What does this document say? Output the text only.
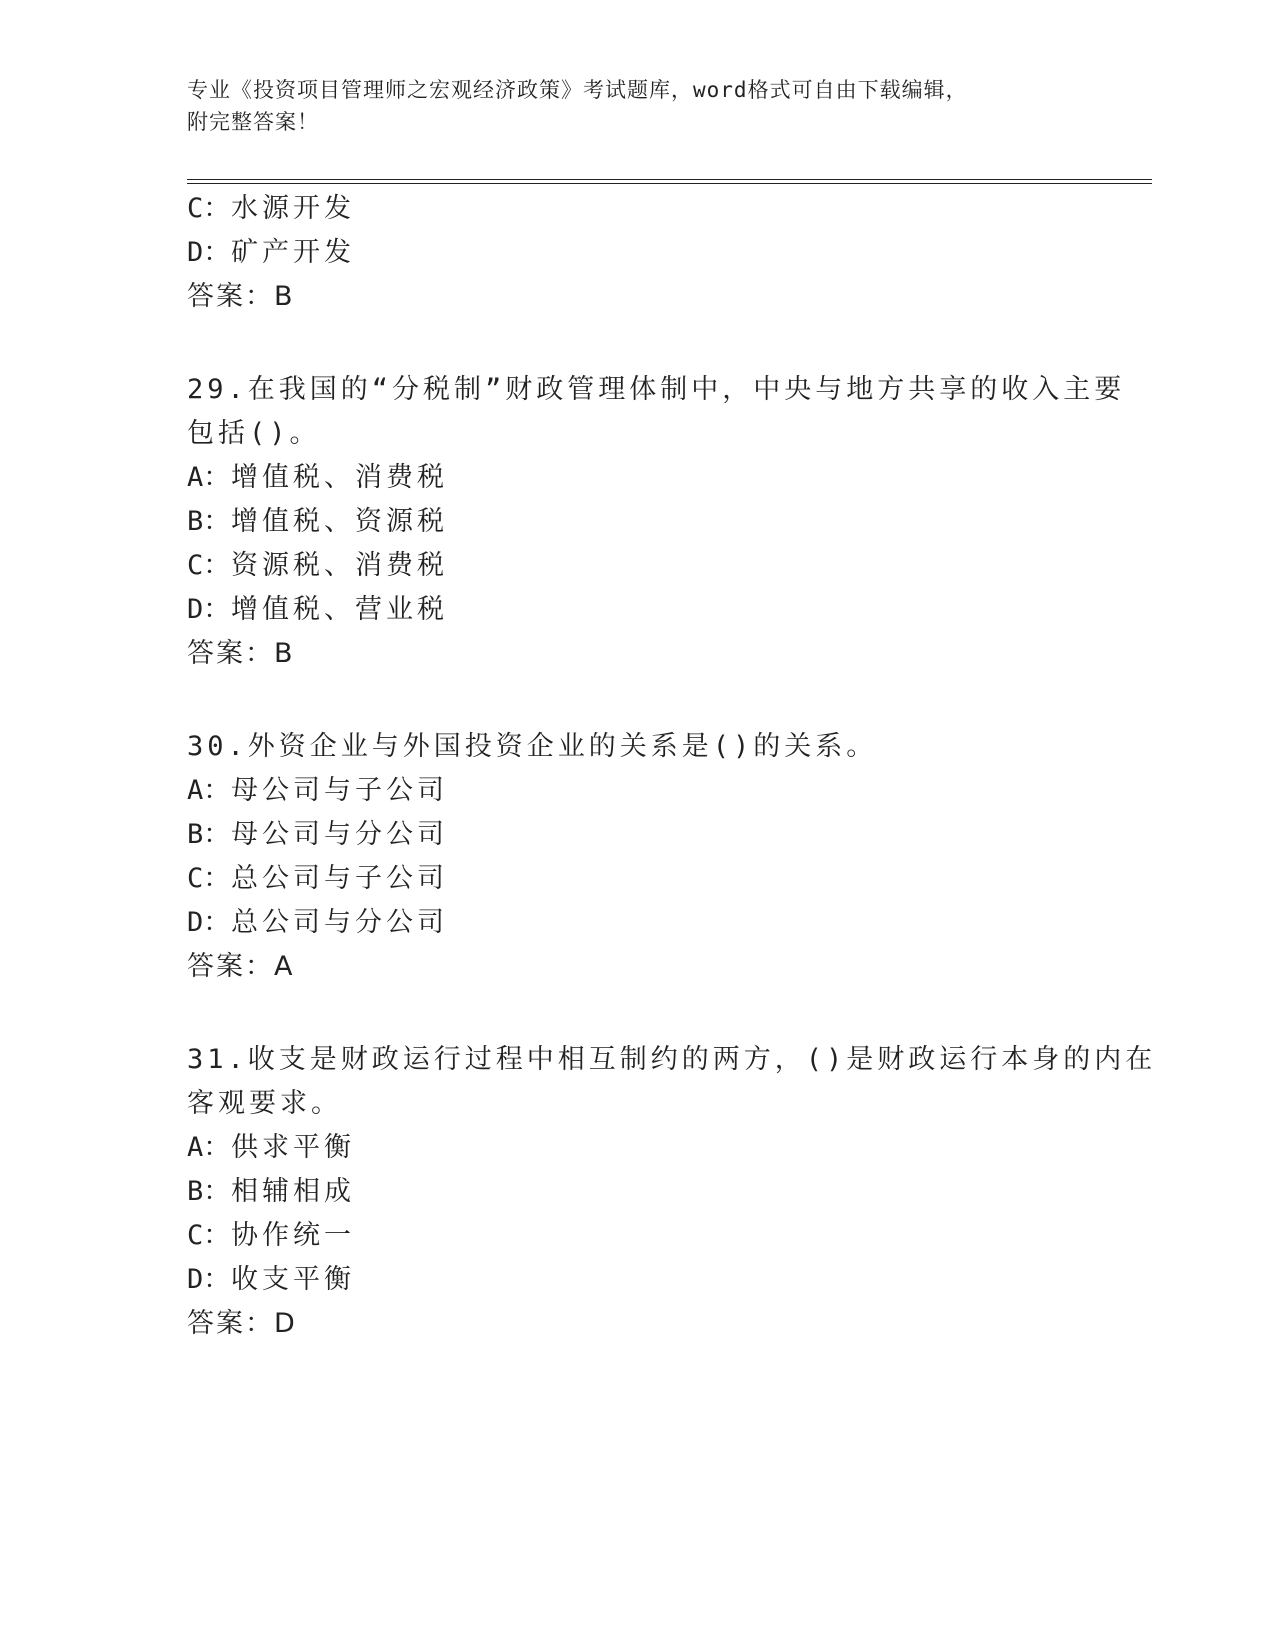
专业《投资项目管理师之宏观经济政策》考试题库，word格式可自由下载编辑，
附完整答案！
C：水源开发
D：矿产开发
答案：B
29.在我国的“分税制”财政管理体制中，中央与地方共享的收入主要
包括()。
A：增值税、消费税
B：增值税、资源税
C：资源税、消费税
D：增值税、营业税
答案：B
30.外资企业与外国投资企业的关系是()的关系。
A：母公司与子公司
B：母公司与分公司
C：总公司与子公司
D：总公司与分公司
答案：A
31.收支是财政运行过程中相互制约的两方，()是财政运行本身的内在
客观要求。
A：供求平衡
B：相辅相成
C：协作统一
D：收支平衡
答案：D
